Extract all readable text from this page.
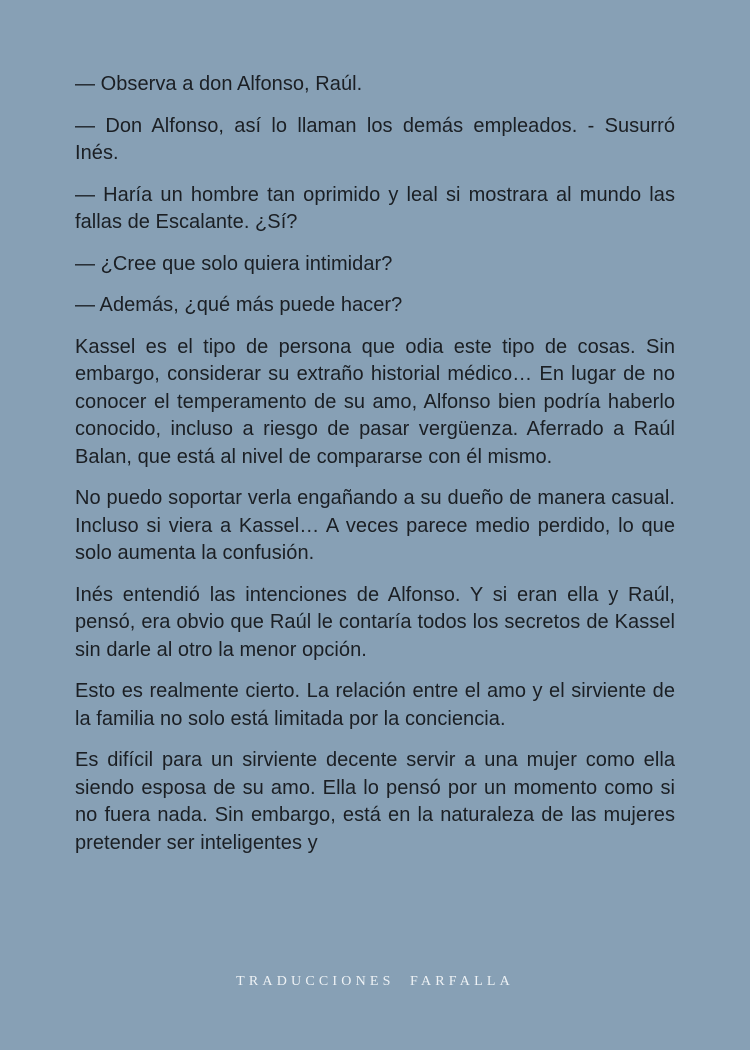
— Observa a don Alfonso, Raúl.

— Don Alfonso, así lo llaman los demás empleados. - Susurró Inés.

— Haría un hombre tan oprimido y leal si mostrara al mundo las fallas de Escalante. ¿Sí?

— ¿Cree que solo quiera intimidar?

— Además, ¿qué más puede hacer?

Kassel es el tipo de persona que odia este tipo de cosas. Sin embargo, considerar su extraño historial médico… En lugar de no conocer el temperamento de su amo, Alfonso bien podría haberlo conocido, incluso a riesgo de pasar vergüenza. Aferrado a Raúl Balan, que está al nivel de compararse con él mismo.

No puedo soportar verla engañando a su dueño de manera casual. Incluso si viera a Kassel… A veces parece medio perdido, lo que solo aumenta la confusión.

Inés entendió las intenciones de Alfonso. Y si eran ella y Raúl, pensó, era obvio que Raúl le contaría todos los secretos de Kassel sin darle al otro la menor opción.

Esto es realmente cierto. La relación entre el amo y el sirviente de la familia no solo está limitada por la conciencia.

Es difícil para un sirviente decente servir a una mujer como ella siendo esposa de su amo. Ella lo pensó por un momento como si no fuera nada. Sin embargo, está en la naturaleza de las mujeres pretender ser inteligentes y

TRADUCCIONES  FARFALLA
